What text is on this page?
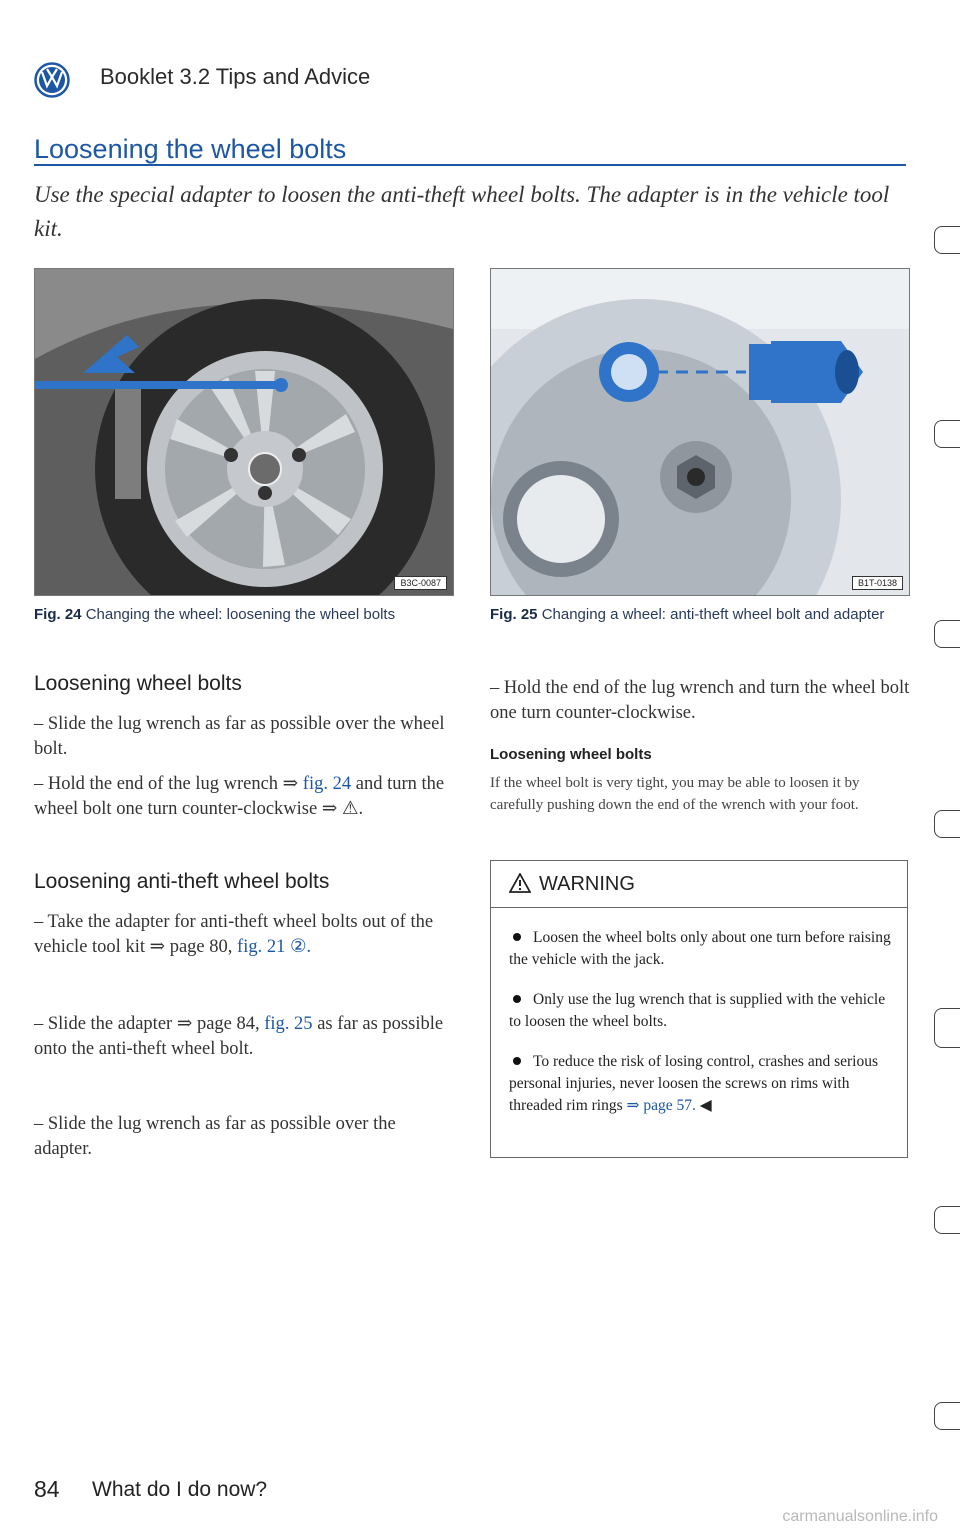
Booklet 3.2 Tips and Advice
Loosening the wheel bolts
Use the special adapter to loosen the anti-theft wheel bolts. The adapter is in the vehicle tool kit.
B3C-0087	B1T-0138
Fig. 24 Changing the wheel: loosening the wheel bolts	Fig. 25 Changing a wheel: anti-theft wheel bolt and adapter
Loosening wheel bolts
– Slide the lug wrench as far as possible over the wheel bolt.
– Hold the end of the lug wrench ⇒ fig. 24 and turn the wheel bolt one turn counter-clockwise ⇒ ⚠.
Loosening anti-theft wheel bolts
– Take the adapter for anti-theft wheel bolts out of the vehicle tool kit ⇒ page 80, fig. 21 ②.
– Slide the adapter ⇒ page 84, fig. 25 as far as possible onto the anti-theft wheel bolt.
– Slide the lug wrench as far as possible over the adapter.
– Hold the end of the lug wrench and turn the wheel bolt one turn counter-clockwise.
Loosening wheel bolts
If the wheel bolt is very tight, you may be able to loosen it by carefully pushing down the end of the wrench with your foot.
WARNING
Loosen the wheel bolts only about one turn before raising the vehicle with the jack.
Only use the lug wrench that is supplied with the vehicle to loosen the wheel bolts.
To reduce the risk of losing control, crashes and serious personal injuries, never loosen the screws on rims with threaded rim rings ⇒ page 57. ◀
84 What do I do now?
carmanualsonline.info
